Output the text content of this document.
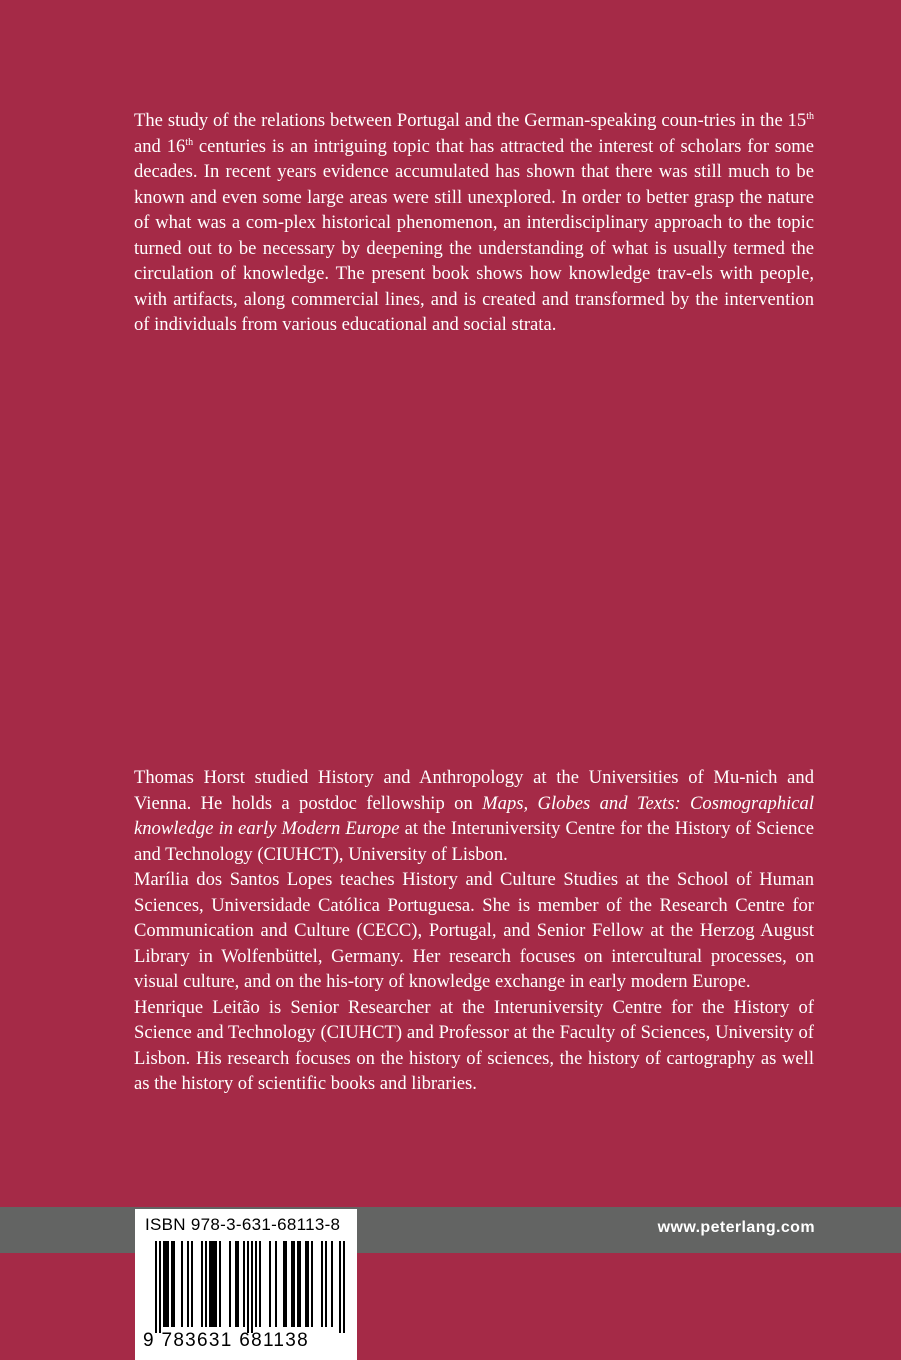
The study of the relations between Portugal and the German-speaking coun-tries in the 15th and 16th centuries is an intriguing topic that has attracted the interest of scholars for some decades. In recent years evidence accumulated has shown that there was still much to be known and even some large areas were still unexplored. In order to better grasp the nature of what was a com-plex historical phenomenon, an interdisciplinary approach to the topic turned out to be necessary by deepening the understanding of what is usually termed the circulation of knowledge. The present book shows how knowledge trav-els with people, with artifacts, along commercial lines, and is created and transformed by the intervention of individuals from various educational and social strata.

Thomas Horst studied History and Anthropology at the Universities of Mu-nich and Vienna. He holds a postdoc fellowship on Maps, Globes and Texts: Cosmographical knowledge in early Modern Europe at the Interuniversity Centre for the History of Science and Technology (CIUHCT), University of Lisbon.

Marília dos Santos Lopes teaches History and Culture Studies at the School of Human Sciences, Universidade Católica Portuguesa. She is member of the Research Centre for Communication and Culture (CECC), Portugal, and Senior Fellow at the Herzog August Library in Wolfenbüttel, Germany. Her research focuses on intercultural processes, on visual culture, and on the his-tory of knowledge exchange in early modern Europe.

Henrique Leitão is Senior Researcher at the Interuniversity Centre for the History of Science and Technology (CIUHCT) and Professor at the Faculty of Sciences, University of Lisbon. His research focuses on the history of sciences, the history of cartography as well as the history of scientific books and libraries.

www.peterlang.com
ISBN 978-3-631-68113-8
9 783631 681138
